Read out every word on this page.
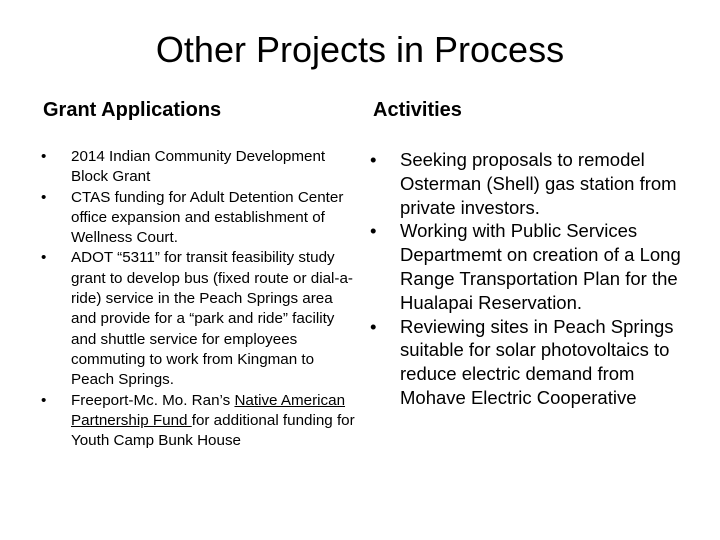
Other Projects in Process
Grant Applications	Activities
• 2014 Indian Community Development Block Grant
• CTAS funding for Adult Detention Center office expansion and establishment of Wellness Court.
• ADOT “5311” for transit feasibility study grant to develop bus (fixed route or dial-a-ride) service in the Peach Springs area and provide for a “park and ride” facility and shuttle service for employees commuting to work from Kingman to Peach Springs.
• Freeport-Mc. Mo. Ran’s Native American Partnership Fund for additional funding for Youth Camp Bunk House
• Seeking proposals to remodel Osterman (Shell) gas station from private investors.
• Working with Public Services Departmemt on creation of a Long Range Transportation Plan for the Hualapai Reservation.
• Reviewing sites in Peach Springs suitable for solar photovoltaics to reduce electric demand from Mohave Electric Cooperative
